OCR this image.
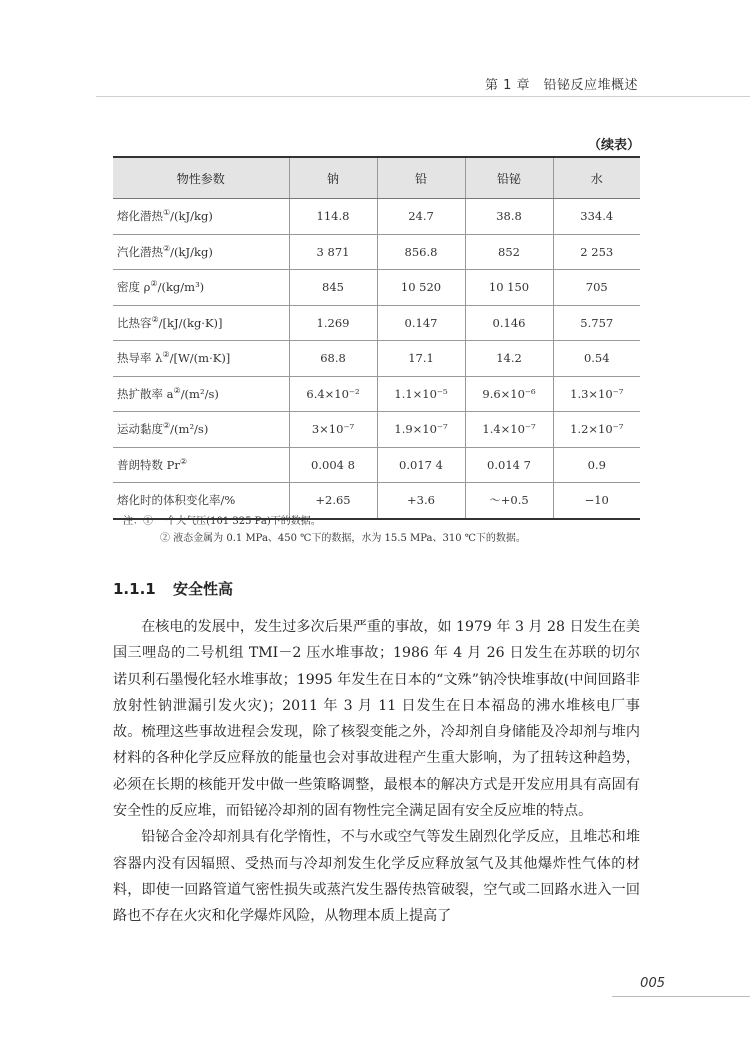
第 1 章　铅铋反应堆概述
（续表）
物性参数	钠	铅	铅铋	水
熔化潜热①/(kJ/kg)	114.8	24.7	38.8	334.4
汽化潜热②/(kJ/kg)	3 871	856.8	852	2 253
密度 ρ②/(kg/m³)	845	10 520	10 150	705
比热容②/[kJ/(kg·K)]	1.269	0.147	0.146	5.757
热导率 λ②/[W/(m·K)]	68.8	17.1	14.2	0.54
热扩散率 a②/(m²/s)	6.4×10⁻²	1.1×10⁻⁵	9.6×10⁻⁶	1.3×10⁻⁷
运动黏度②/(m²/s)	3×10⁻⁷	1.9×10⁻⁷	1.4×10⁻⁷	1.2×10⁻⁷
普朗特数 Pr②	0.004 8	0.017 4	0.014 7	0.9
熔化时的体积变化率/%	+2.65	+3.6	～+0.5	−10
注：① 一个大气压(101 325 Pa)下的数据。
② 液态金属为 0.1 MPa、450 ℃下的数据，水为 15.5 MPa、310 ℃下的数据。
1.1.1 安全性高

在核电的发展中，发生过多次后果严重的事故，如 1979 年 3 月 28 日发生在美国三哩岛的二号机组 TMI－2 压水堆事故；1986 年 4 月 26 日发生在苏联的切尔诺贝利石墨慢化轻水堆事故；1995 年发生在日本的“文殊”钠冷快堆事故(中间回路非放射性钠泄漏引发火灾)；2011 年 3 月 11 日发生在日本福岛的沸水堆核电厂事故。梳理这些事故进程会发现，除了核裂变能之外，冷却剂自身储能及冷却剂与堆内材料的各种化学反应释放的能量也会对事故进程产生重大影响，为了扭转这种趋势，必须在长期的核能开发中做一些策略调整，最根本的解决方式是开发应用具有高固有安全性的反应堆，而铅铋冷却剂的固有物性完全满足固有安全反应堆的特点。

铅铋合金冷却剂具有化学惰性，不与水或空气等发生剧烈化学反应，且堆芯和堆容器内没有因辐照、受热而与冷却剂发生化学反应释放氢气及其他爆炸性气体的材料，即使一回路管道气密性损失或蒸汽发生器传热管破裂，空气或二回路水进入一回路也不存在火灾和化学爆炸风险，从物理本质上提高了

005
